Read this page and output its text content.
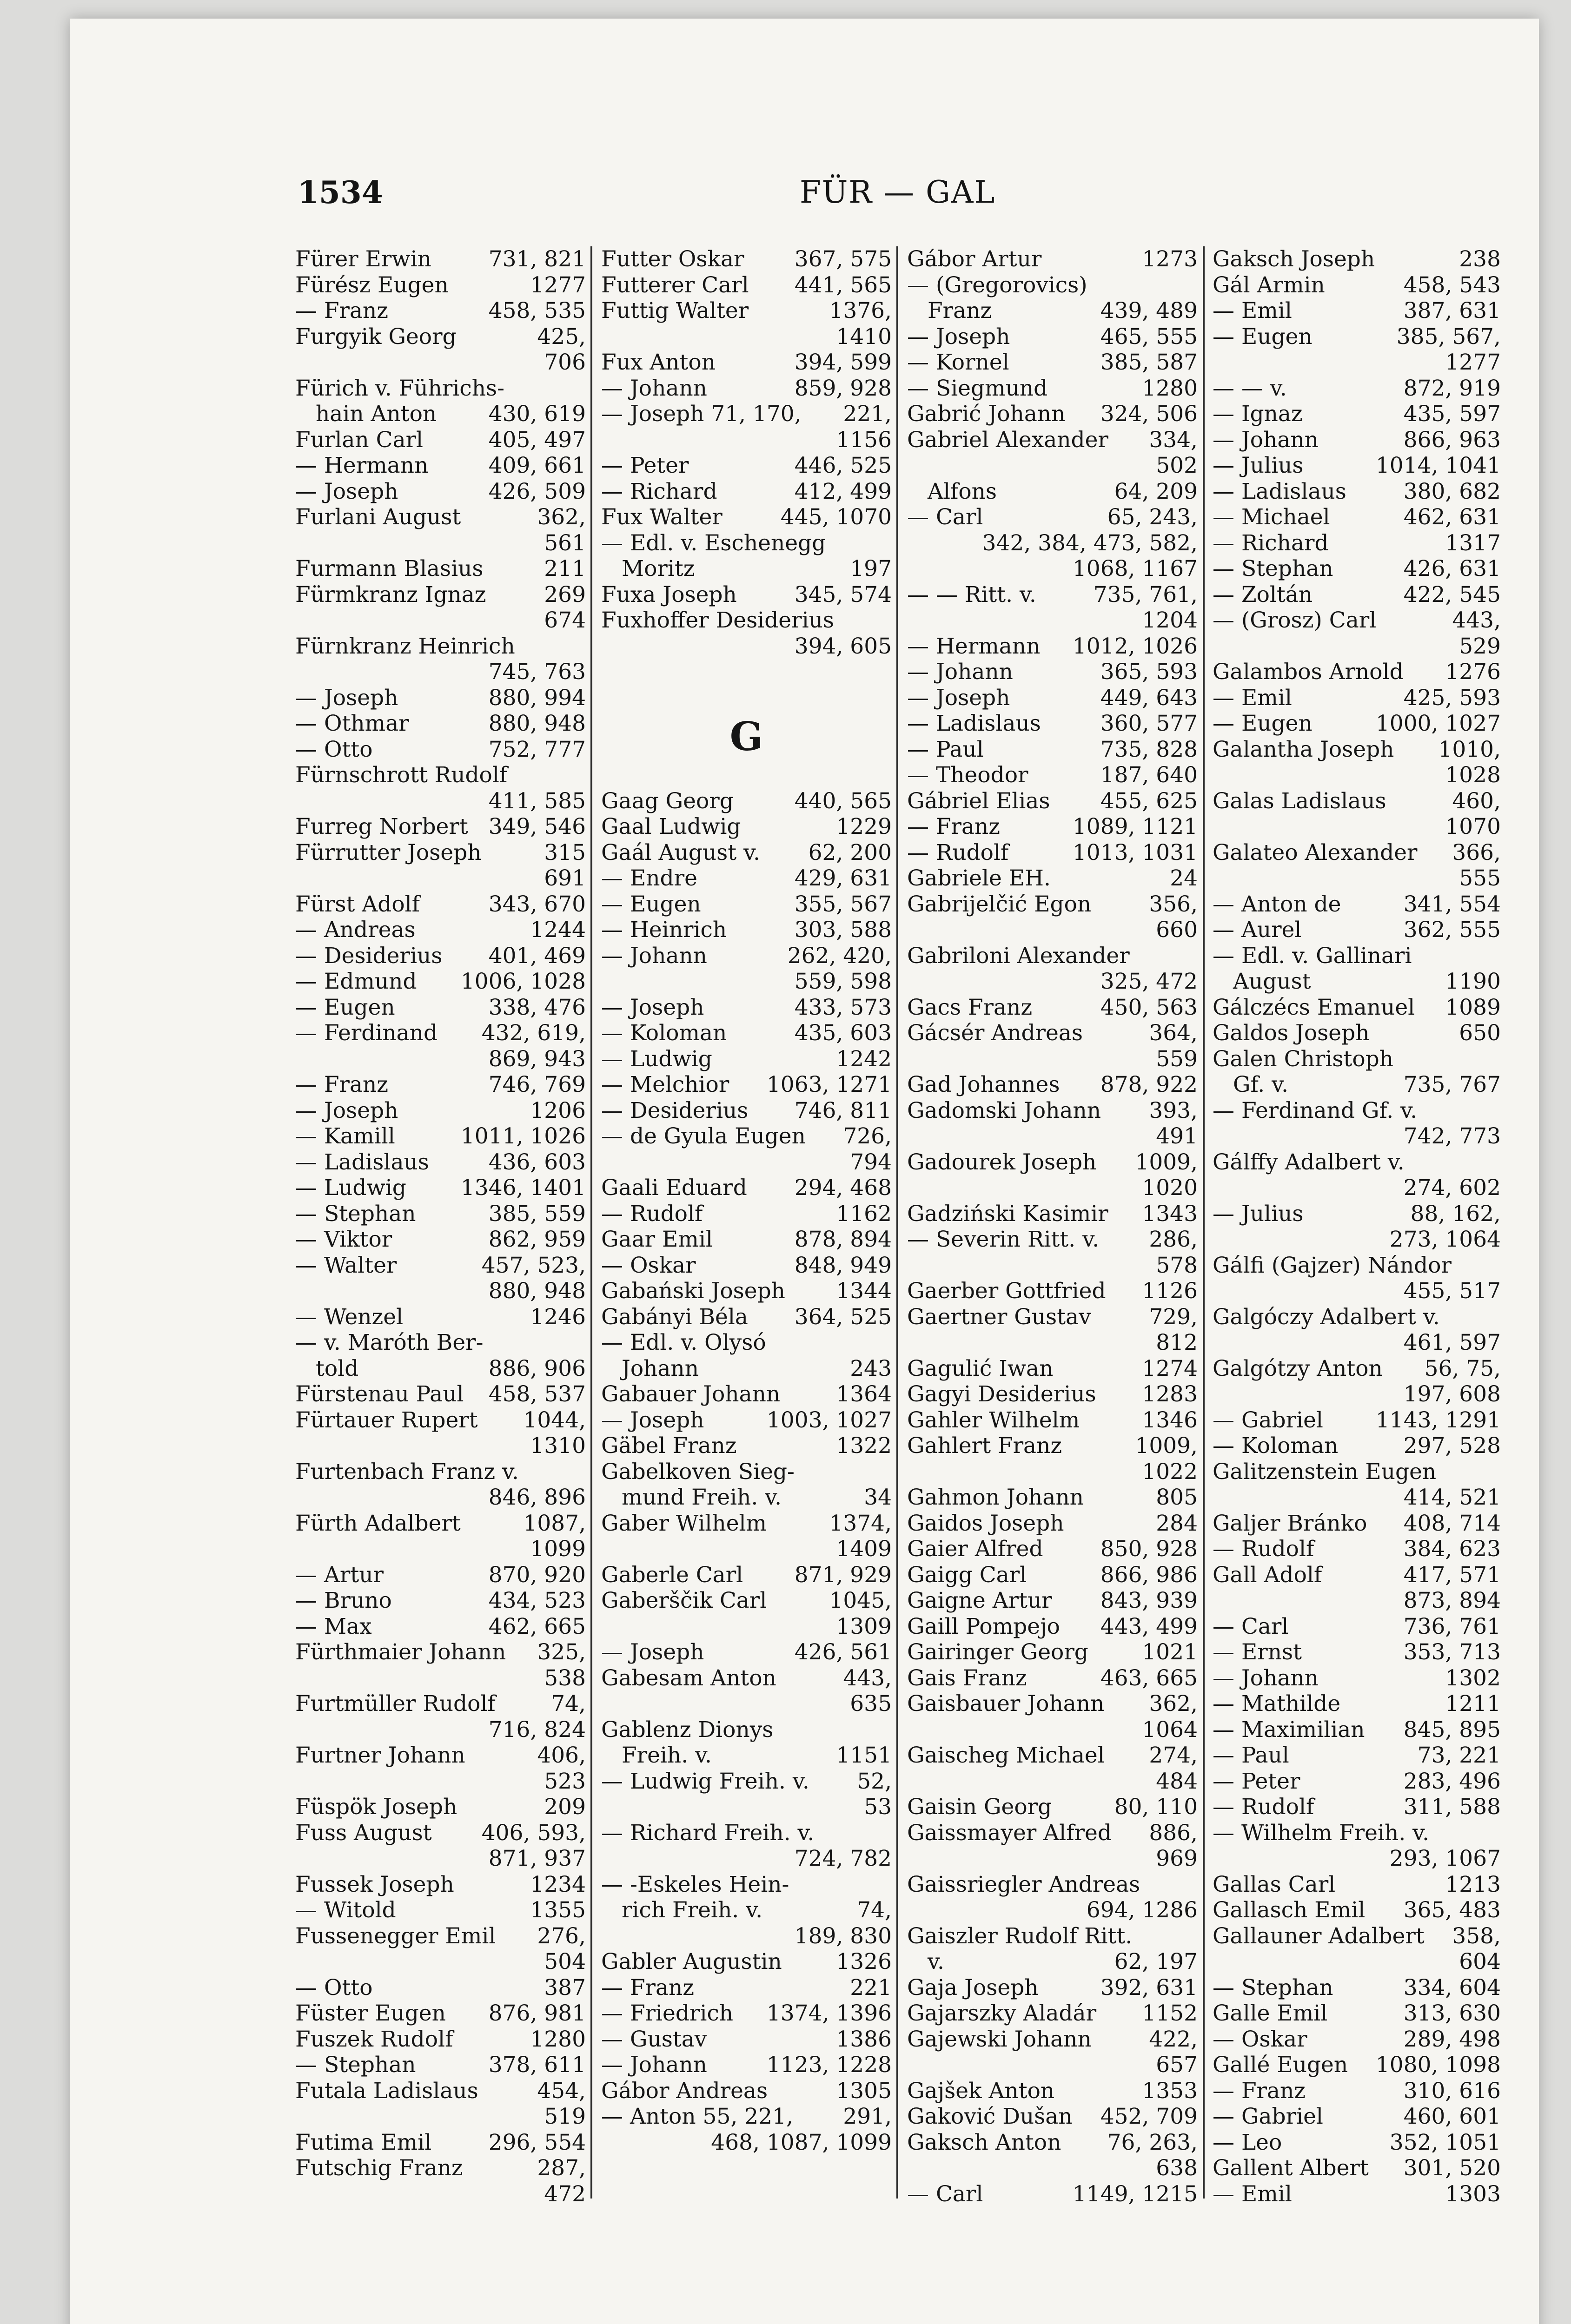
1534	FÜR — GAL
Fürer Erwin	731, 821
Fürész Eugen	1277
— Franz	458, 535
Furgyik Georg	425,
706
Fürich v. Führichs-
hain Anton	430, 619
Furlan Carl	405, 497
— Hermann	409, 661
— Joseph	426, 509
Furlani August	362,
561
Furmann Blasius	211
Fürmkranz Ignaz	269
674
Fürnkranz Heinrich
745, 763
— Joseph	880, 994
— Othmar	880, 948
— Otto	752, 777
Fürnschrott Rudolf
411, 585
Furreg Norbert 349, 546
Fürrutter Joseph	315
691
Fürst Adolf	343, 670
— Andreas	1244
— Desiderius	401, 469
— Edmund	1006, 1028
— Eugen	338, 476
— Ferdinand	432, 619,
869, 943
— Franz	746, 769
— Joseph	1206
— Kamill	1011, 1026
— Ladislaus	436, 603
— Ludwig	1346, 1401
— Stephan	385, 559
— Viktor	862, 959
— Walter	457, 523,
880, 948
— Wenzel	1246
— v. Maróth Ber-
told	886, 906
Fürstenau Paul	458, 537
Fürtauer Rupert	1044,
1310
Furtenbach Franz v.
846, 896
Fürth Adalbert	1087,
1099
— Artur	870, 920
— Bruno	434, 523
— Max	462, 665
Fürthmaier Johann	325,
538
Furtmüller Rudolf	74,
716, 824
Furtner Johann	406,
523
Füspök Joseph	209
Fuss August	406, 593,
871, 937
Fussek Joseph	1234
— Witold	1355
Fussenegger Emil	276,
504
— Otto	387
Füster Eugen	876, 981
Fuszek Rudolf	1280
— Stephan	378, 611
Futala Ladislaus	454,
519
Futima Emil	296, 554
Futschig Franz	287,
472
Futter Oskar	367, 575
Futterer Carl	441, 565
Futtig Walter	1376,
1410
Fux Anton	394, 599
— Johann	859, 928
— Joseph 71, 170,	221,
1156
— Peter	446, 525
— Richard	412, 499
Fux Walter	445, 1070
— Edl. v. Eschenegg
Moritz	197
Fuxa Joseph	345, 574
Fuxhoffer Desiderius
394, 605
G
Gaag Georg	440, 565
Gaal Ludwig	1229
Gaál August v.	62, 200
— Endre	429, 631
— Eugen	355, 567
— Heinrich	303, 588
— Johann	262, 420,
559, 598
— Joseph	433, 573
— Koloman	435, 603
— Ludwig	1242
— Melchior	1063, 1271
— Desiderius	746, 811
— de Gyula Eugen	726,
794
Gaali Eduard	294, 468
— Rudolf	1162
Gaar Emil	878, 894
— Oskar	848, 949
Gabański Joseph	1344
Gabányi Béla	364, 525
— Edl. v. Olysó
Johann	243
Gabauer Johann	1364
— Joseph	1003, 1027
Gäbel Franz	1322
Gabelkoven Sieg-
mund Freih. v.	34
Gaber Wilhelm	1374,
1409
Gaberle Carl	871, 929
Gaberščik Carl	1045,
1309
— Joseph	426, 561
Gabesam Anton	443,
635
Gablenz Dionys
Freih. v.	1151
— Ludwig Freih. v.	52,
53
— Richard Freih. v.
724, 782
— -Eskeles Hein-
rich Freih. v.	74,
189, 830
Gabler Augustin	1326
— Franz	221
— Friedrich	1374, 1396
— Gustav	1386
— Johann	1123, 1228
Gábor Andreas	1305
— Anton 55, 221,	291,
468, 1087, 1099
Gábor Artur	1273
— (Gregorovics)
Franz	439, 489
— Joseph	465, 555
— Kornel	385, 587
— Siegmund	1280
Gabrić Johann	324, 506
Gabriel Alexander	334,
502
Alfons	64, 209
— Carl	65, 243,
342, 384, 473, 582,
1068, 1167
— — Ritt. v.	735, 761,
1204
— Hermann	1012, 1026
— Johann	365, 593
— Joseph	449, 643
— Ladislaus	360, 577
— Paul	735, 828
— Theodor	187, 640
Gábriel Elias	455, 625
— Franz	1089, 1121
— Rudolf	1013, 1031
Gabriele EH.	24
Gabrijelčić Egon	356,
660
Gabriloni Alexander
325, 472
Gacs Franz	450, 563
Gácsér Andreas	364,
559
Gad Johannes	878, 922
Gadomski Johann	393,
491
Gadourek Joseph	1009,
1020
Gadziński Kasimir	1343
— Severin Ritt. v.	286,
578
Gaerber Gottfried	1126
Gaertner Gustav	729,
812
Gagulić Iwan	1274
Gagyi Desiderius	1283
Gahler Wilhelm	1346
Gahlert Franz	1009,
1022
Gahmon Johann	805
Gaidos Joseph	284
Gaier Alfred	850, 928
Gaigg Carl	866, 986
Gaigne Artur	843, 939
Gaill Pompejo	443, 499
Gairinger Georg	1021
Gais Franz	463, 665
Gaisbauer Johann	362,
1064
Gaischeg Michael	274,
484
Gaisin Georg	80, 110
Gaissmayer Alfred	886,
969
Gaissriegler Andreas
694, 1286
Gaiszler Rudolf Ritt.
v.	62, 197
Gaja Joseph	392, 631
Gajarszky Aladár	1152
Gajewski Johann	422,
657
Gajšek Anton	1353
Gaković Dušan	452, 709
Gaksch Anton	76, 263,
638
— Carl	1149, 1215
Gaksch Joseph	238
Gál Armin	458, 543
— Emil	387, 631
— Eugen	385, 567,
1277
— — v.	872, 919
— Ignaz	435, 597
— Johann	866, 963
— Julius	1014, 1041
— Ladislaus	380, 682
— Michael	462, 631
— Richard	1317
— Stephan	426, 631
— Zoltán	422, 545
— (Grosz) Carl	443,
529
Galambos Arnold	1276
— Emil	425, 593
— Eugen	1000, 1027
Galantha Joseph	1010,
1028
Galas Ladislaus	460,
1070
Galateo Alexander	366,
555
— Anton de	341, 554
— Aurel	362, 555
— Edl. v. Gallinari
August	1190
Gálczécs Emanuel	1089
Galdos Joseph	650
Galen Christoph
Gf. v.	735, 767
— Ferdinand Gf. v.
742, 773
Gálffy Adalbert v.
274, 602
— Julius	88, 162,
273, 1064
Gálfi (Gajzer) Nándor
455, 517
Galgóczy Adalbert v.
461, 597
Galgótzy Anton	56, 75,
197, 608
— Gabriel	1143, 1291
— Koloman	297, 528
Galitzenstein Eugen
414, 521
Galjer Bránko	408, 714
— Rudolf	384, 623
Gall Adolf	417, 571
873, 894
— Carl	736, 761
— Ernst	353, 713
— Johann	1302
— Mathilde	1211
— Maximilian	845, 895
— Paul	73, 221
— Peter	283, 496
— Rudolf	311, 588
— Wilhelm Freih. v.
293, 1067
Gallas Carl	1213
Gallasch Emil	365, 483
Gallauner Adalbert	358,
604
— Stephan	334, 604
Galle Emil	313, 630
— Oskar	289, 498
Gallé Eugen	1080, 1098
— Franz	310, 616
— Gabriel	460, 601
— Leo	352, 1051
Gallent Albert	301, 520
— Emil	1303
